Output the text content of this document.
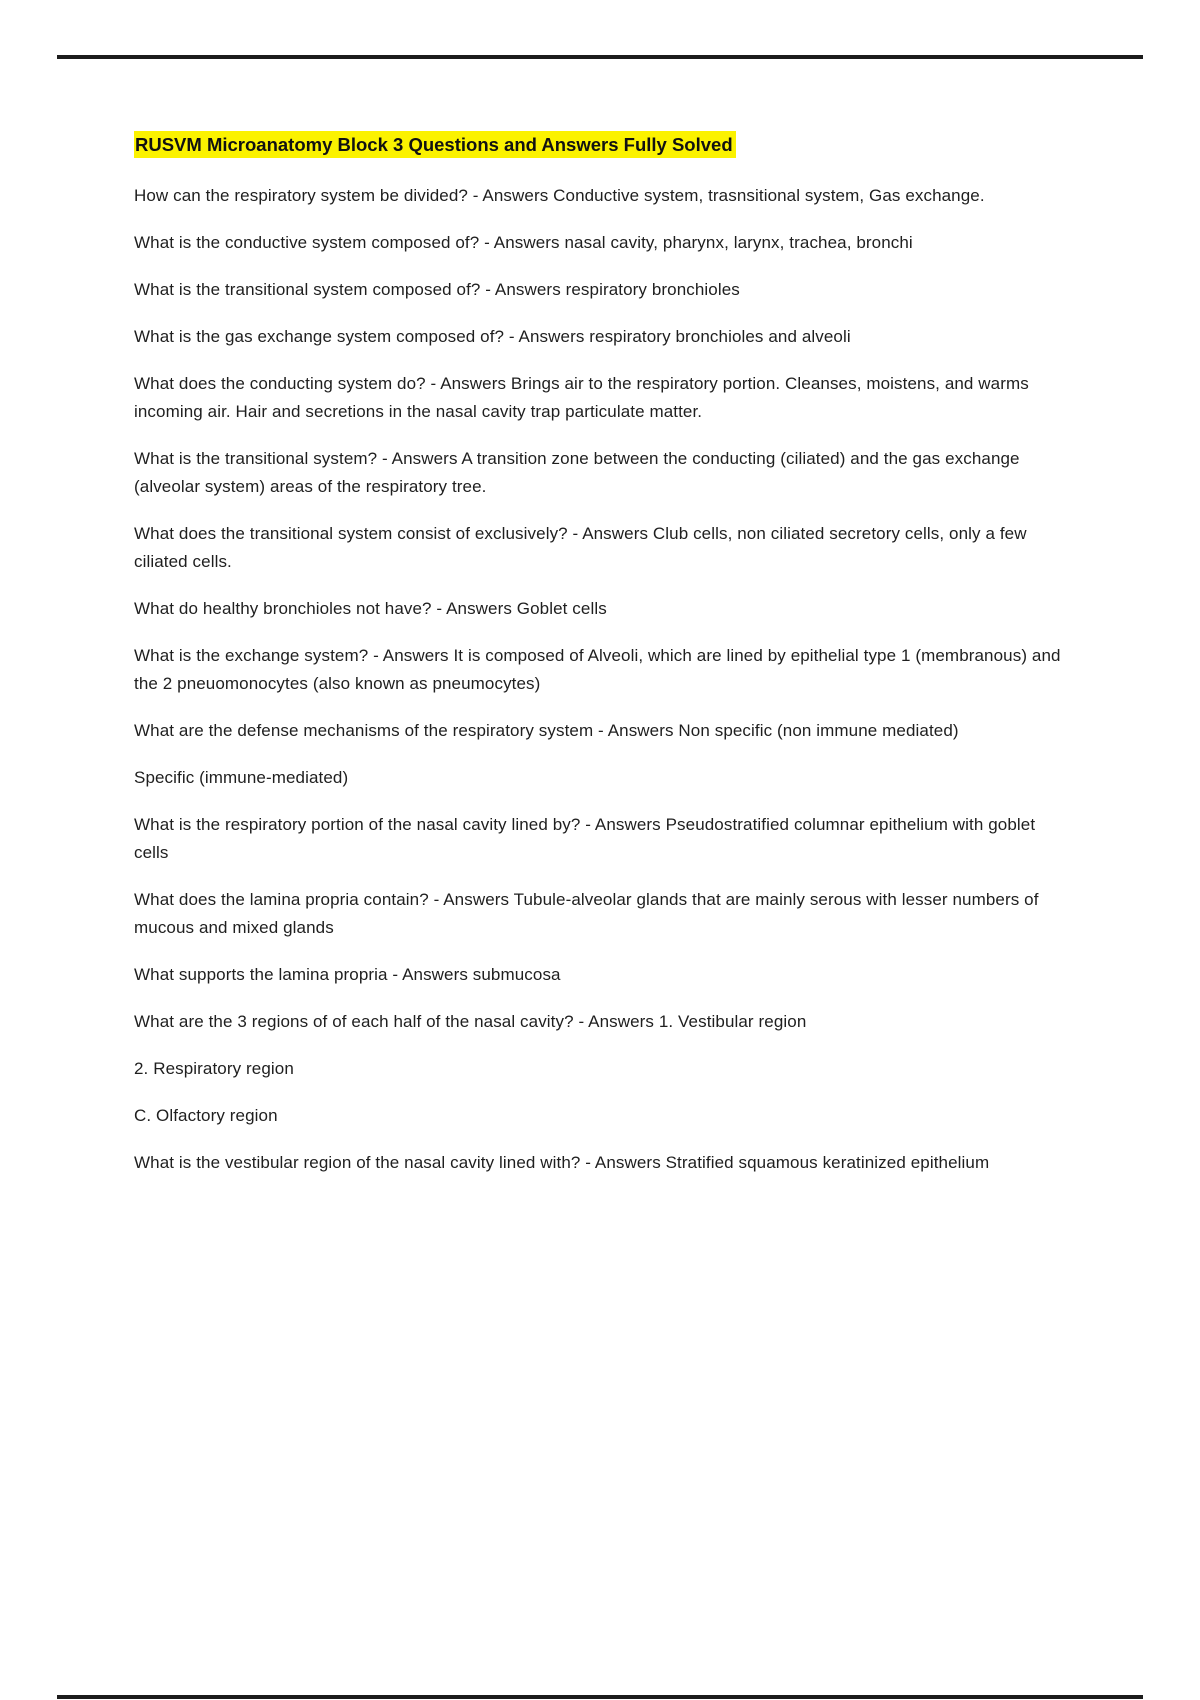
RUSVM Microanatomy Block 3 Questions and Answers Fully Solved

How can the respiratory system be divided? - Answers Conductive system, trasnsitional system, Gas exchange.

What is the conductive system composed of? - Answers nasal cavity, pharynx, larynx, trachea, bronchi

What is the transitional system composed of? - Answers respiratory bronchioles

What is the gas exchange system composed of? - Answers respiratory bronchioles and alveoli

What does the conducting system do? - Answers Brings air to the respiratory portion. Cleanses, moistens, and warms incoming air. Hair and secretions in the nasal cavity trap particulate matter.

What is the transitional system? - Answers A transition zone between the conducting (ciliated) and the gas exchange (alveolar system) areas of the respiratory tree.

What does the transitional system consist of exclusively? - Answers Club cells, non ciliated secretory cells, only a few ciliated cells.

What do healthy bronchioles not have? - Answers Goblet cells

What is the exchange system? - Answers It is composed of Alveoli, which are lined by epithelial type 1 (membranous) and the 2 pneuomonocytes (also known as pneumocytes)

What are the defense mechanisms of the respiratory system - Answers Non specific (non immune mediated)

Specific (immune-mediated)

What is the respiratory portion of the nasal cavity lined by? - Answers Pseudostratified columnar epithelium with goblet cells

What does the lamina propria contain? - Answers Tubule-alveolar glands that are mainly serous with lesser numbers of mucous and mixed glands

What supports the lamina propria - Answers submucosa

What are the 3 regions of of each half of the nasal cavity? - Answers 1. Vestibular region

2. Respiratory region

C. Olfactory region

What is the vestibular region of the nasal cavity lined with? - Answers Stratified squamous keratinized epithelium
